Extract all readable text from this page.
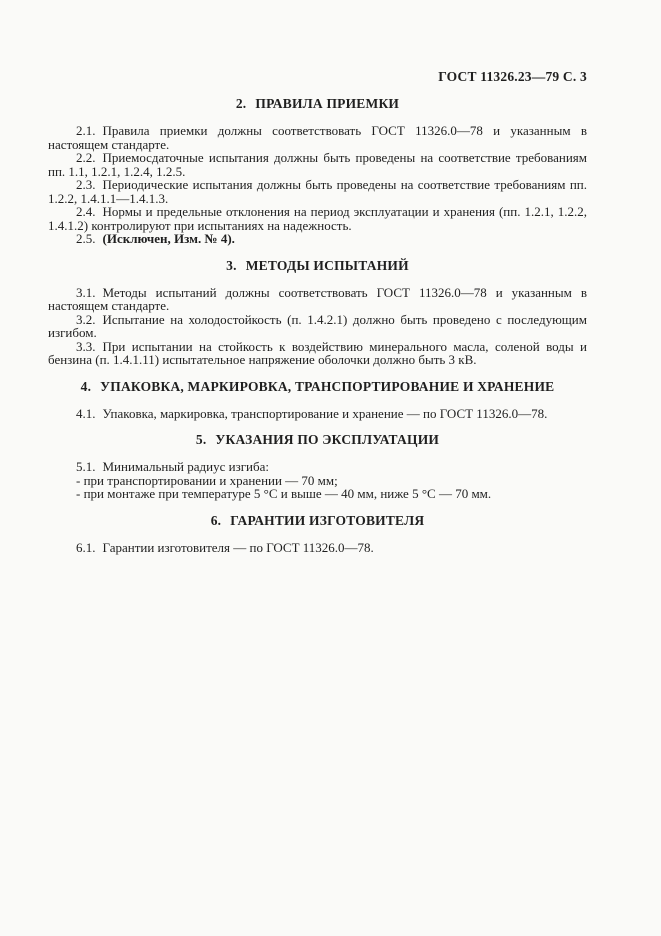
ГОСТ 11326.23—79 С. 3
2. ПРАВИЛА ПРИЕМКИ

2.1. Правила приемки должны соответствовать ГОСТ 11326.0—78 и указанным в настоящем стандарте.

2.2. Приемосдаточные испытания должны быть проведены на соответствие требованиям пп. 1.1, 1.2.1, 1.2.4, 1.2.5.

2.3. Периодические испытания должны быть проведены на соответствие требованиям пп. 1.2.2, 1.4.1.1—1.4.1.3.

2.4. Нормы и предельные отклонения на период эксплуатации и хранения (пп. 1.2.1, 1.2.2, 1.4.1.2) контролируют при испытаниях на надежность.

2.5. (Исключен, Изм. № 4).

3. МЕТОДЫ ИСПЫТАНИЙ

3.1. Методы испытаний должны соответствовать ГОСТ 11326.0—78 и указанным в настоящем стандарте.

3.2. Испытание на холодостойкость (п. 1.4.2.1) должно быть проведено с последующим изгибом.

3.3. При испытании на стойкость к воздействию минерального масла, соленой воды и бензина (п. 1.4.1.11) испытательное напряжение оболочки должно быть 3 кВ.

4. УПАКОВКА, МАРКИРОВКА, ТРАНСПОРТИРОВАНИЕ И ХРАНЕНИЕ

4.1. Упаковка, маркировка, транспортирование и хранение — по ГОСТ 11326.0—78.

5. УКАЗАНИЯ ПО ЭКСПЛУАТАЦИИ

5.1. Минимальный радиус изгиба:

- при транспортировании и хранении — 70 мм;

- при монтаже при температуре 5 °С и выше — 40 мм, ниже 5 °С — 70 мм.

6. ГАРАНТИИ ИЗГОТОВИТЕЛЯ

6.1. Гарантии изготовителя — по ГОСТ 11326.0—78.
